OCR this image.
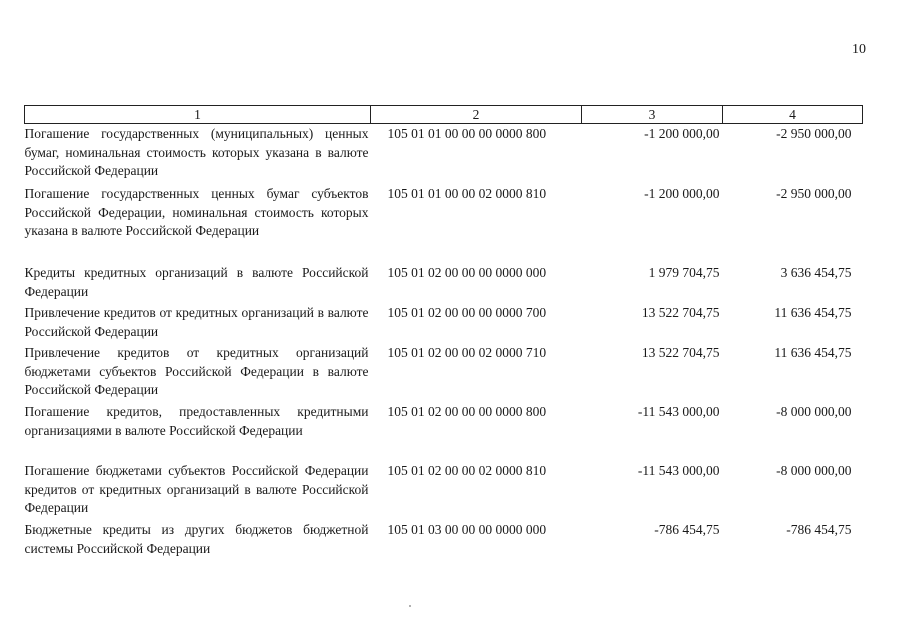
10
1	2	3	4
Погашение государственных (муниципальных) ценных бумаг, номинальная стоимость которых указана в валюте Российской Федерации	105 01 01 00 00 00 0000 800	-1 200 000,00	-2 950 000,00
Погашение государственных ценных бумаг субъектов Российской Федерации, номинальная стоимость которых указана в валюте Российской Федерации	105 01 01 00 00 02 0000 810	-1 200 000,00	-2 950 000,00
Кредиты кредитных организаций в валюте Российской Федерации	105 01 02 00 00 00 0000 000	1 979 704,75	3 636 454,75
Привлечение кредитов от кредитных организаций в валюте Российской Федерации	105 01 02 00 00 00 0000 700	13 522 704,75	11 636 454,75
Привлечение кредитов от кредитных организаций бюджетами субъектов Российской Федерации в валюте Российской Федерации	105 01 02 00 00 02 0000 710	13 522 704,75	11 636 454,75
Погашение кредитов, предоставленных кредитными организациями в валюте Российской Федерации	105 01 02 00 00 00 0000 800	-11 543 000,00	-8 000 000,00
Погашение бюджетами субъектов Российской Федерации кредитов от кредитных организаций в валюте Российской Федерации	105 01 02 00 00 02 0000 810	-11 543 000,00	-8 000 000,00
Бюджетные кредиты из других бюджетов бюджетной системы Российской Федерации	105 01 03 00 00 00 0000 000	-786 454,75	-786 454,75
